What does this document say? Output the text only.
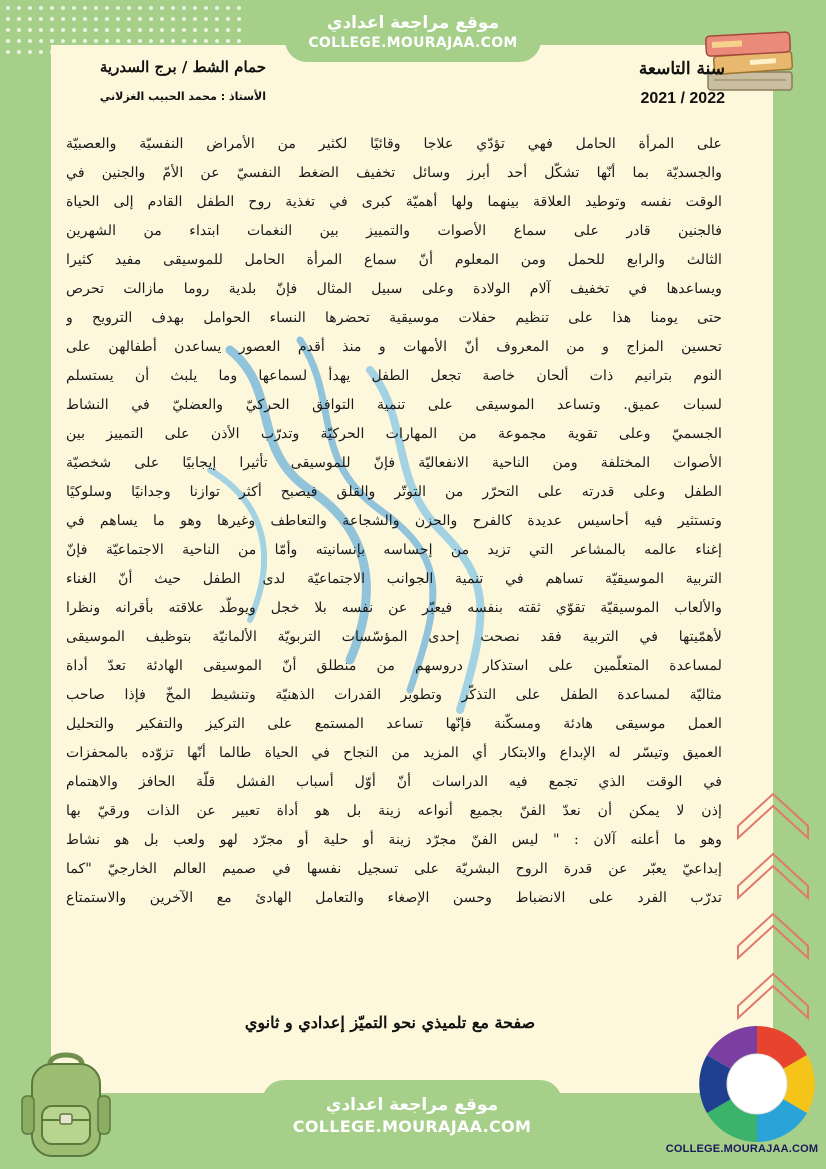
موقع مراجعة اعدادي
COLLEGE.MOURAJAA.COM
حمام الشط / برج السدرية
الأستاذ : محمد الحبيب الغزلاني
سنة التاسعة
2021 / 2022
على المرأة الحامل فهي تؤدّي علاجا وقائيًا لكثير من الأمراض النفسيّة والعصبيّة
والجسديّة بما أنّها تشكّل أحد أبرز وسائل تخفيف الضغط النفسيّ عن الأمّ والجنين في
الوقت نفسه وتوطيد العلاقة بينهما ولها أهميّة كبرى في تغذية روح الطفل القادم إلى الحياة
فالجنين قادر على سماع الأصوات والتمييز بين النغمات ابتداء من الشهرين
الثالث والرابع للحمل ومن المعلوم أنّ سماع المرأة الحامل للموسيقى مفيد كثيرا
ويساعدها في تخفيف آلام الولادة وعلى سبيل المثال فإنّ بلدية روما مازالت تحرص
حتى يومنا هذا على تنظيم حفلات موسيقية تحضرها النساء الحوامل بهدف الترويح و
تحسين المزاج و من المعروف أنّ الأمهات و منذ أقدم العصور يساعدن أطفالهن على
النوم بترانيم ذات ألحان خاصة تجعل الطفل يهدأ لسماعها وما يلبث أن يستسلم
لسبات عميق. وتساعد الموسيقى على تنمية التوافق الحركيّ والعضليّ في النشاط
الجسميّ وعلى تقوية مجموعة من المهارات الحركيّة وتدرّب الأذن على التمييز بين
الأصوات المختلفة ومن الناحية الانفعاليّة فإنّ للموسيقى تأثيرا إيجابيًا على شخصيّة
الطفل وعلى قدرته على التحرّر من التوتّر والقلق فيصبح أكثر توازنا وجدانيًا وسلوكيًا
وتستثير فيه أحاسيس عديدة كالفرح والحزن والشجاعة والتعاطف وغيرها وهو ما يساهم في
إغناء عالمه بالمشاعر التي تزيد من إحساسه بإنسانيته وأمّا من الناحية الاجتماعيّة فإنّ
التربية الموسيقيّة تساهم في تنمية الجوانب الاجتماعيّة لدى الطفل حيث أنّ الغناء
والألعاب الموسيقيّة تقوّي ثقته بنفسه فيعبّر عن نفسه بلا خجل ويوطّد علاقته بأقرانه ونظرا
لأهمّيتها في التربية فقد نصحت إحدى المؤسّسات التربويّة الألمانيّة بتوظيف الموسيقى
لمساعدة المتعلّمين على استذكار دروسهم من منطلق أنّ الموسيقى الهادئة تعدّ أداة
مثاليّة لمساعدة الطفل على التذكّر وتطوير القدرات الذهنيّة وتنشيط المخّ فإذا صاحب
العمل موسيقى هادئة ومسكّنة فإنّها تساعد المستمع على التركيز والتفكير والتحليل
العميق وتيسّر له الإبداع والابتكار أي المزيد من النجاح في الحياة طالما أنّها تزوّده بالمحفزات
في الوقت الذي تجمع فيه الدراسات أنّ أوّل أسباب الفشل قلّة الحافز والاهتمام
إذن لا يمكن أن نعدّ الفنّ بجميع أنواعه زينة بل هو أداة تعبير عن الذات ورقيّ بها
وهو ما أعلنه آلان : " ليس الفنّ مجرّد زينة أو حلية أو مجرّد لهو ولعب بل هو نشاط
إبداعيّ يعبّر عن قدرة الروح البشريّة على تسجيل نفسها في صميم العالم الخارجيّ "كما
تدرّب الفرد على الانضباط وحسن الإصغاء والتعامل الهادئ مع الآخرين والاستمتاع
صفحة مع تلميذي نحو التميّز إعدادي و ثانوي
موقع مراجعة اعدادي
COLLEGE.MOURAJAA.COM
COLLEGE.MOURAJAA.COM
